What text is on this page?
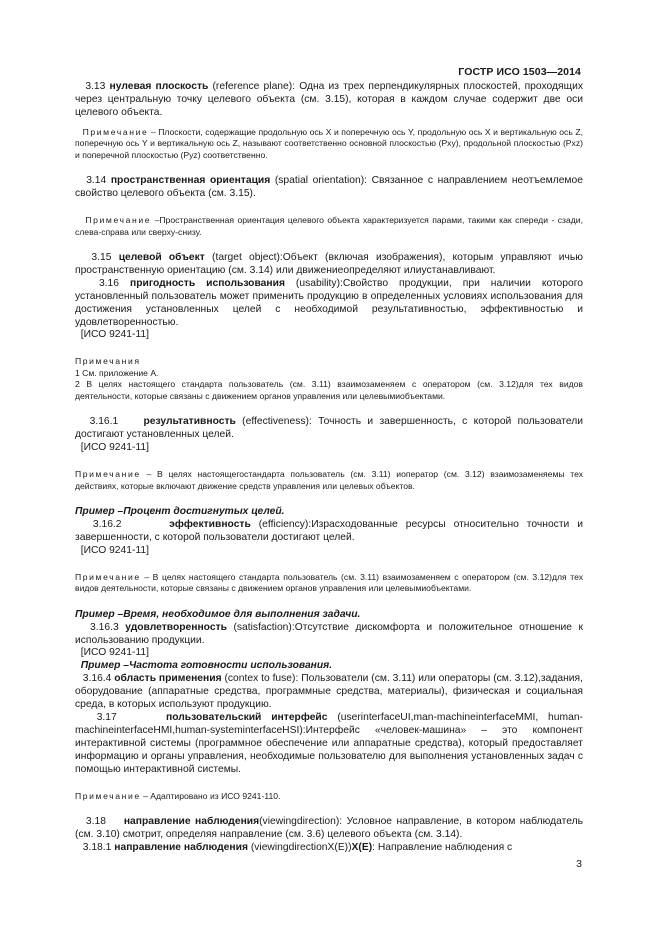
ГОСТР ИСО 1503—2014

3.13 нулевая плоскость (reference plane): Одна из трех перпендикулярных плоскостей, проходящих через центральную точку целевого объекта (см. 3.15), которая в каждом случае содержит две оси целевого объекта.

Примечание – Плоскости, содержащие продольную ось X и поперечную ось Y, продольную ось X и вертикальную ось Z, поперечную ось Y и вертикальную ось Z, называют соответственно основной плоскостью (Pxy), продольной плоскостью (Pxz) и поперечной плоскостью (Pyz) соответственно.

3.14 пространственная ориентация (spatial orientation): Связанное с направлением неотъемлемое свойство целевого объекта (см. 3.15).

Примечание –Пространственная ориентация целевого объекта характеризуется парами, такими как спереди - сзади, слева-справа или сверху-снизу.

3.15 целевой объект (target object):Объект (включая изображения), которым управляют ичью пространственную ориентацию (см. 3.14) или движениеопределяют илиустанавливают.

3.16 пригодность использования (usability):Свойство продукции, при наличии которого установленный пользователь может применить продукцию в определенных условиях использования для достижения установленных целей с необходимой результативностью, эффективностью и удовлетворенностью.

[ИСО 9241-11]

Примечания

1 См. приложение А.

2 В целях настоящего стандарта пользователь (см. 3.11) взаимозаменяем с оператором (см. 3.12)для тех видов деятельности, которые связаны с движением органов управления или целевымиобъектами.

3.16.1 результативность (effectiveness): Точность и завершенность, с которой пользователи достигают установленных целей.

[ИСО 9241-11]

Примечание – В целях настоящегостандарта пользователь (см. 3.11) иоператор (см. 3.12) взаимозаменяемы тех действиях, которые включают движение средств управления или целевых объектов.

Пример –Процент достигнутых целей.

3.16.2	эффективность (efficiency):Израсходованные ресурсы относительно точности и завершенности, с которой пользователи достигают целей.

[ИСО 9241-11]

Примечание – В целях настоящего стандарта пользователь (см. 3.11) взаимозаменяем с оператором (см. 3.12)для тех видов деятельности, которые связаны с движением органов управления или целевымиобъектами.

Пример –Время, необходимое для выполнения задачи.

3.16.3 удовлетворенность (satisfaction):Отсутствие дискомфорта и положительное отношение к использованию продукции.

[ИСО 9241-11]

Пример –Частота готовности использования.

3.16.4 область применения (contex to fuse): Пользователи (см. 3.11) или операторы (см. 3.12),задания, оборудование (аппаратные средства, программные средства, материалы), физическая и социальная среда, в которых используют продукцию.

3.17	пользовательский интерфейс (userinterfaceUI,man-machineinterfaceMMI, human-machineinterfaceHMI,human-systeminterfaceHSI):Интерфейс «человек-машина» – это компонент интерактивной системы (программное обеспечение или аппаратные средства), который предоставляет информацию и органы управления, необходимые пользователю для выполнения установленных задач с помощью интерактивной системы.

Примечание – Адаптировано из ИСО 9241-110.

3.18 направление наблюдения(viewingdirection): Условное направление, в котором наблюдатель (см. 3.10) смотрит, определяя направление (см. 3.6) целевого объекта (см. 3.14).

3.18.1 направление наблюдения (viewingdirectionX(E))X(E): Направление наблюдения с

3
